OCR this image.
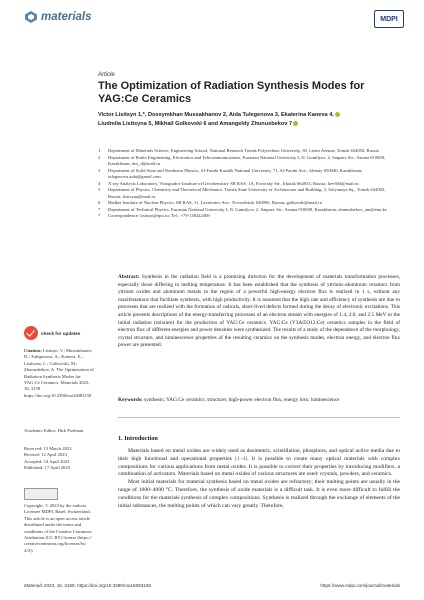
materials	MDPI
Article
The Optimization of Radiation Synthesis Modes for YAG:Ce Ceramics
Victor Lisitsyn 1,*, Dossymkhan Mussakhanov 2, Aida Tulegenova 3, Ekaterina Kaneva 4,
Liudmila Lisitsyna 5, Mikhail Golkovski 6 and Amangeldy Zhunusbekov 7
1	Department of Materials Science, Engineering School, National Research Tomsk Polytechnic University, 30, Lenin Avenue, Tomsk 634050, Russia
2	Department of Radio Engineering, Electronics and Telecommunications, Eurasian National University L.N. Gumilyov, 2, Satpaev Str., Astana 010008, Kazakhstan; dos_d@mail.ru
3	Department of Solid State and Nonlinear Physics, Al-Farabi Kazakh National University, 71, Al-Farabi Ave., Almaty 050040, Kazakhstan; tulegenova.aida@gmail.com
4	X-ray Analysis Laboratory, Vinogradov Institute of Geochemistry SB RAS, 1A, Favorsky Str., Irkutsk 664033, Russia; kev604@mail.ru
5	Department of Physics, Chemistry and Theoretical Mechanics, Tomsk State University of Architecture and Building, 2, Solyanaya Sq., Tomsk 634003, Russia; lisitsyna@mail.ru
6	Budker Institute of Nuclear Physics, SB RAS, 11, Lavrentiev Ave., Novosibirsk 630090, Russia; golkovski@mail.ru
7	Department of Technical Physics, Eurasian National University L.N. Gumilyov, 2, Satpaev Str., Astana 010008, Kazakhstan; zhunusbekov_am@enu.kz
*	Correspondence: lisitsyn@tpu.ru; Tel.: +79-138242469

Abstract: Synthesis in the radiation field is a promising direction for the development of materials transformation processes, especially those differing in melting temperature. It has been established that the synthesis of yttrium–aluminum ceramics from yttrium oxides and aluminum metals in the region of a powerful high-energy electron flux is realized in 1 s, without any manifestations that facilitate synthesis, with high productivity. It is assumed that the high rate and efficiency of synthesis are due to processes that are realized with the formation of radicals, short-lived defects formed during the decay of electronic excitations. This article presents descriptions of the energy-transferring processes of an electron stream with energies of 1.4, 2.0, and 2.5 MeV to the initial radiation (mixture) for the production of YAG:Ce ceramics. YAG:Ce (Y3Al5O12:Ce) ceramics samples in the field of electron flux of different energies and power densities were synthesized. The results of a study of the dependence of the morphology, crystal structure, and luminescence properties of the resulting ceramics on the synthesis modes, electron energy, and electron flux power are presented.

Keywords: synthesis; YAG:Ce ceramics; structure; high-power electron flux; energy loss; luminescence
1. Introduction

Materials based on metal oxides are widely used as dosimetric, scintillation, phosphors, and optical active media due to their high functional and operational properties [1–4]. It is possible to create many optical materials with complex compositions for various applications from metal oxides. It is possible to correct their properties by introducing modifiers, a combination of activators. Materials based on metal oxides of various structures are used: crystals, powders, and ceramics.

Most initial materials for material synthesis based on metal oxides are refractory; their melting points are usually in the range of 1000–4000 °C. Therefore, the synthesis of oxide materials is a difficult task. It is even more difficult to fulfill the conditions for the materials synthesis of complex compositions. Synthesis is realized through the exchange of elements of the initial substances, the melting points of which can vary greatly. Therefore,

check for updates
Citation: Lisitsyn, V.; Mussakhanov, D.; Tulegenova, A.; Kaneva, E.; Lisitsyna, L.; Golkovski, M.; Zhunusbekov, A. The Optimization of Radiation Synthesis Modes for YAG:Ce Ceramics. Materials 2023, 16, 3158. https://doi.org/10.3390/ma16083158
Academic Editor: Dirk Poelman
Received: 13 March 2023
Revised: 12 April 2023
Accepted: 14 April 2023
Published: 17 April 2023
Copyright: © 2023 by the authors. Licensee MDPI, Basel, Switzerland. This article is an open access article distributed under the terms and conditions of the Creative Commons Attribution (CC BY) license (https:// creativecommons.org/licenses/by/ 4.0/).
Materials 2023, 16, 3158. https://doi.org/10.3390/ma16083158	https://www.mdpi.com/journal/materials
